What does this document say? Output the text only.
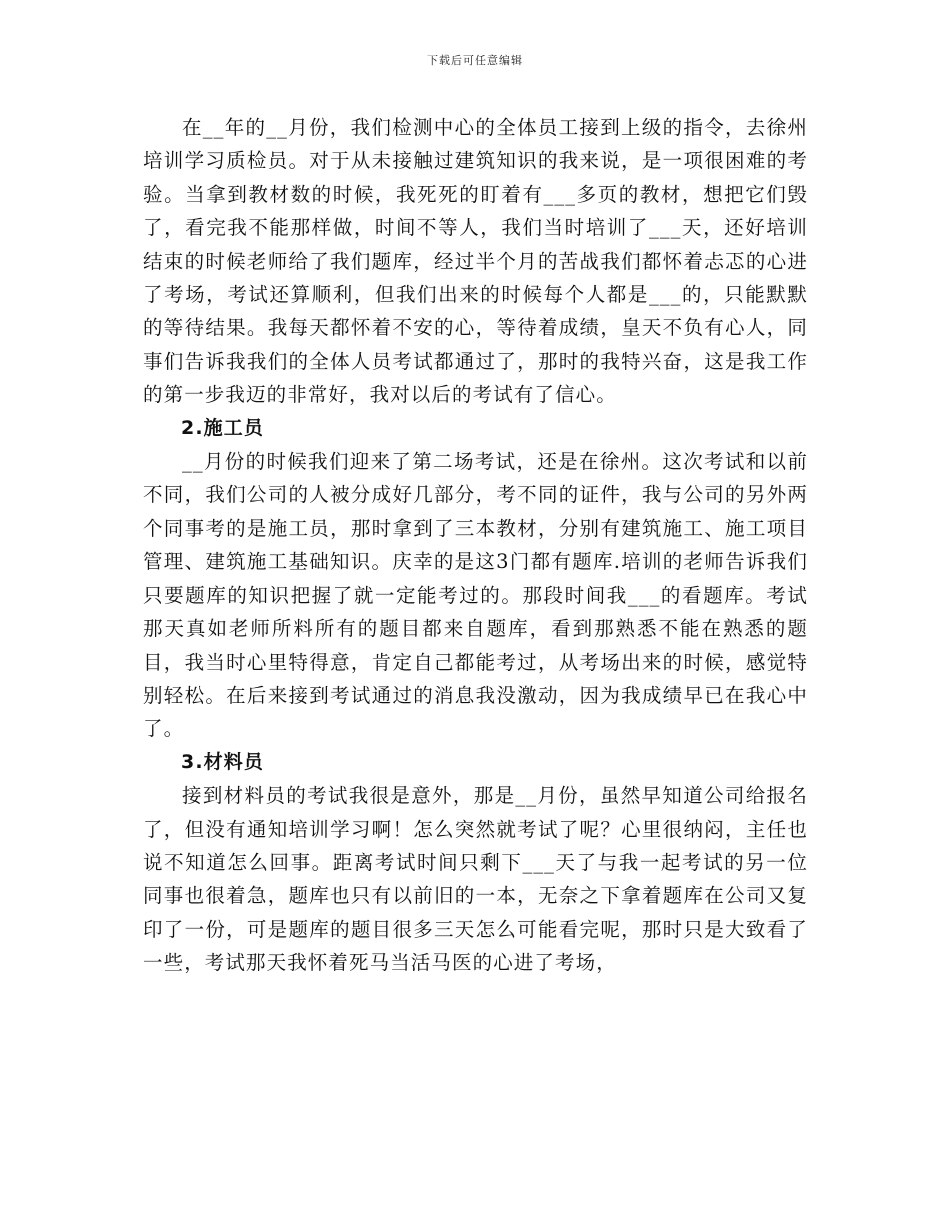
下载后可任意编辑

在__年的__月份，我们检测中心的全体员工接到上级的指令，去徐州培训学习质检员。对于从未接触过建筑知识的我来说，是一项很困难的考验。当拿到教材数的时候，我死死的盯着有___多页的教材，想把它们毁了，看完我不能那样做，时间不等人，我们当时培训了___天，还好培训结束的时候老师给了我们题库，经过半个月的苦战我们都怀着忐忑的心进了考场，考试还算顺利，但我们出来的时候每个人都是___的，只能默默的等待结果。我每天都怀着不安的心，等待着成绩，皇天不负有心人，同事们告诉我我们的全体人员考试都通过了，那时的我特兴奋，这是我工作的第一步我迈的非常好，我对以后的考试有了信心。

2.施工员

__月份的时候我们迎来了第二场考试，还是在徐州。这次考试和以前不同，我们公司的人被分成好几部分，考不同的证件，我与公司的另外两个同事考的是施工员，那时拿到了三本教材，分别有建筑施工、施工项目管理、建筑施工基础知识。庆幸的是这3门都有题库.培训的老师告诉我们只要题库的知识把握了就一定能考过的。那段时间我___的看题库。考试那天真如老师所料所有的题目都来自题库，看到那熟悉不能在熟悉的题目，我当时心里特得意，肯定自己都能考过，从考场出来的时候，感觉特别轻松。在后来接到考试通过的消息我没激动，因为我成绩早已在我心中了。

3.材料员

接到材料员的考试我很是意外，那是__月份，虽然早知道公司给报名了，但没有通知培训学习啊！怎么突然就考试了呢？心里很纳闷，主任也说不知道怎么回事。距离考试时间只剩下___天了与我一起考试的另一位同事也很着急，题库也只有以前旧的一本，无奈之下拿着题库在公司又复印了一份，可是题库的题目很多三天怎么可能看完呢，那时只是大致看了一些，考试那天我怀着死马当活马医的心进了考场，
